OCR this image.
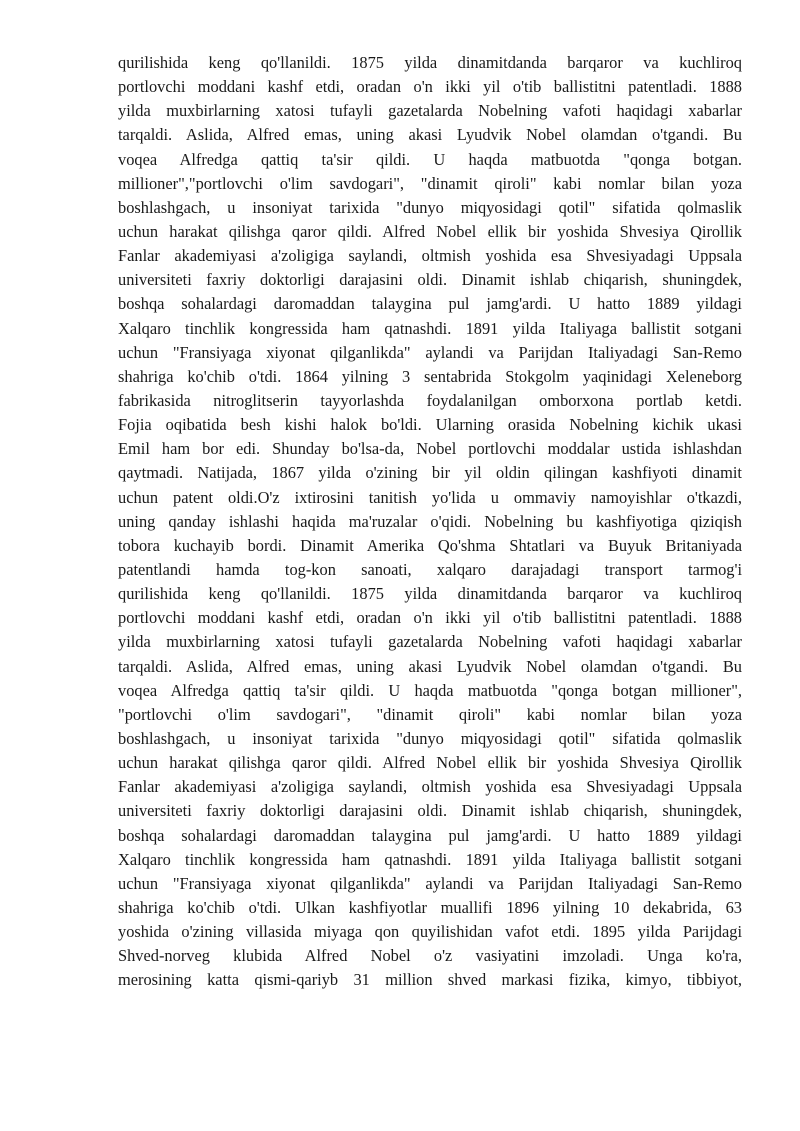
qurilishida keng qo'llanildi. 1875 yilda dinamitdanda barqaror va kuchliroq
portlovchi moddani kashf etdi, oradan o'n ikki yil o'tib ballistitni patentladi. 1888
yilda muxbirlarning xatosi tufayli gazetalarda Nobelning vafoti haqidagi xabarlar
tarqaldi. Aslida, Alfred emas, uning akasi Lyudvik Nobel olamdan o'tgandi. Bu
voqea Alfredga qattiq ta'sir qildi. U haqda matbuotda "qonga botgan.
millioner","portlovchi o'lim savdogari", "dinamit qiroli" kabi nomlar bilan yoza
boshlashgach, u insoniyat tarixida "dunyo miqyosidagi qotil" sifatida qolmaslik
uchun harakat qilishga qaror qildi. Alfred Nobel ellik bir yoshida Shvesiya Qirollik
Fanlar akademiyasi a'zoligiga saylandi, oltmish yoshida esa Shvesiyadagi Uppsala
universiteti faxriy doktorligi darajasini oldi. Dinamit ishlab chiqarish, shuningdek,
boshqa sohalardagi daromaddan talaygina pul jamg'ardi. U hatto 1889 yildagi
Xalqaro tinchlik kongressida ham qatnashdi. 1891 yilda Italiyaga ballistit sotgani
uchun "Fransiyaga xiyonat qilganlikda" aylandi va Parijdan Italiyadagi San-Remo
shahriga ko'chib o'tdi. 1864 yilning 3 sentabrida Stokgolm yaqinidagi Xeleneborg
fabrikasida nitroglitserin tayyorlashda foydalanilgan omborxona portlab ketdi.
Fojia oqibatida besh kishi halok bo'ldi. Ularning orasida Nobelning kichik ukasi
Emil ham bor edi. Shunday bo'lsa-da, Nobel portlovchi moddalar ustida ishlashdan
qaytmadi. Natijada, 1867 yilda o'zining bir yil oldin qilingan kashfiyoti dinamit
uchun patent oldi.O'z ixtirosini tanitish yo'lida u ommaviy namoyishlar o'tkazdi,
uning qanday ishlashi haqida ma'ruzalar o'qidi. Nobelning bu kashfiyotiga qiziqish
tobora kuchayib bordi. Dinamit Amerika Qo'shma Shtatlari va Buyuk Britaniyada
patentlandi hamda tog-kon sanoati, xalqaro darajadagi transport tarmog'i
qurilishida keng qo'llanildi. 1875 yilda dinamitdanda barqaror va kuchliroq
portlovchi moddani kashf etdi, oradan o'n ikki yil o'tib ballistitni patentladi. 1888
yilda muxbirlarning xatosi tufayli gazetalarda Nobelning vafoti haqidagi xabarlar
tarqaldi. Aslida, Alfred emas, uning akasi Lyudvik Nobel olamdan o'tgandi. Bu
voqea Alfredga qattiq ta'sir qildi. U haqda matbuotda "qonga botgan millioner",
"portlovchi o'lim savdogari", "dinamit qiroli" kabi nomlar bilan yoza
boshlashgach, u insoniyat tarixida "dunyo miqyosidagi qotil" sifatida qolmaslik
uchun harakat qilishga qaror qildi. Alfred Nobel ellik bir yoshida Shvesiya Qirollik
Fanlar akademiyasi a'zoligiga saylandi, oltmish yoshida esa Shvesiyadagi Uppsala
universiteti faxriy doktorligi darajasini oldi. Dinamit ishlab chiqarish, shuningdek,
boshqa sohalardagi daromaddan talaygina pul jamg'ardi. U hatto 1889 yildagi
Xalqaro tinchlik kongressida ham qatnashdi. 1891 yilda Italiyaga ballistit sotgani
uchun "Fransiyaga xiyonat qilganlikda" aylandi va Parijdan Italiyadagi San-Remo
shahriga ko'chib o'tdi. Ulkan kashfiyotlar muallifi 1896 yilning 10 dekabrida, 63
yoshida o'zining villasida miyaga qon quyilishidan vafot etdi. 1895 yilda Parijdagi
Shved-norveg klubida Alfred Nobel o'z vasiyatini imzoladi. Unga ko'ra,
merosining katta qismi-qariyb 31 million shved markasi fizika, kimyo, tibbiyot,
